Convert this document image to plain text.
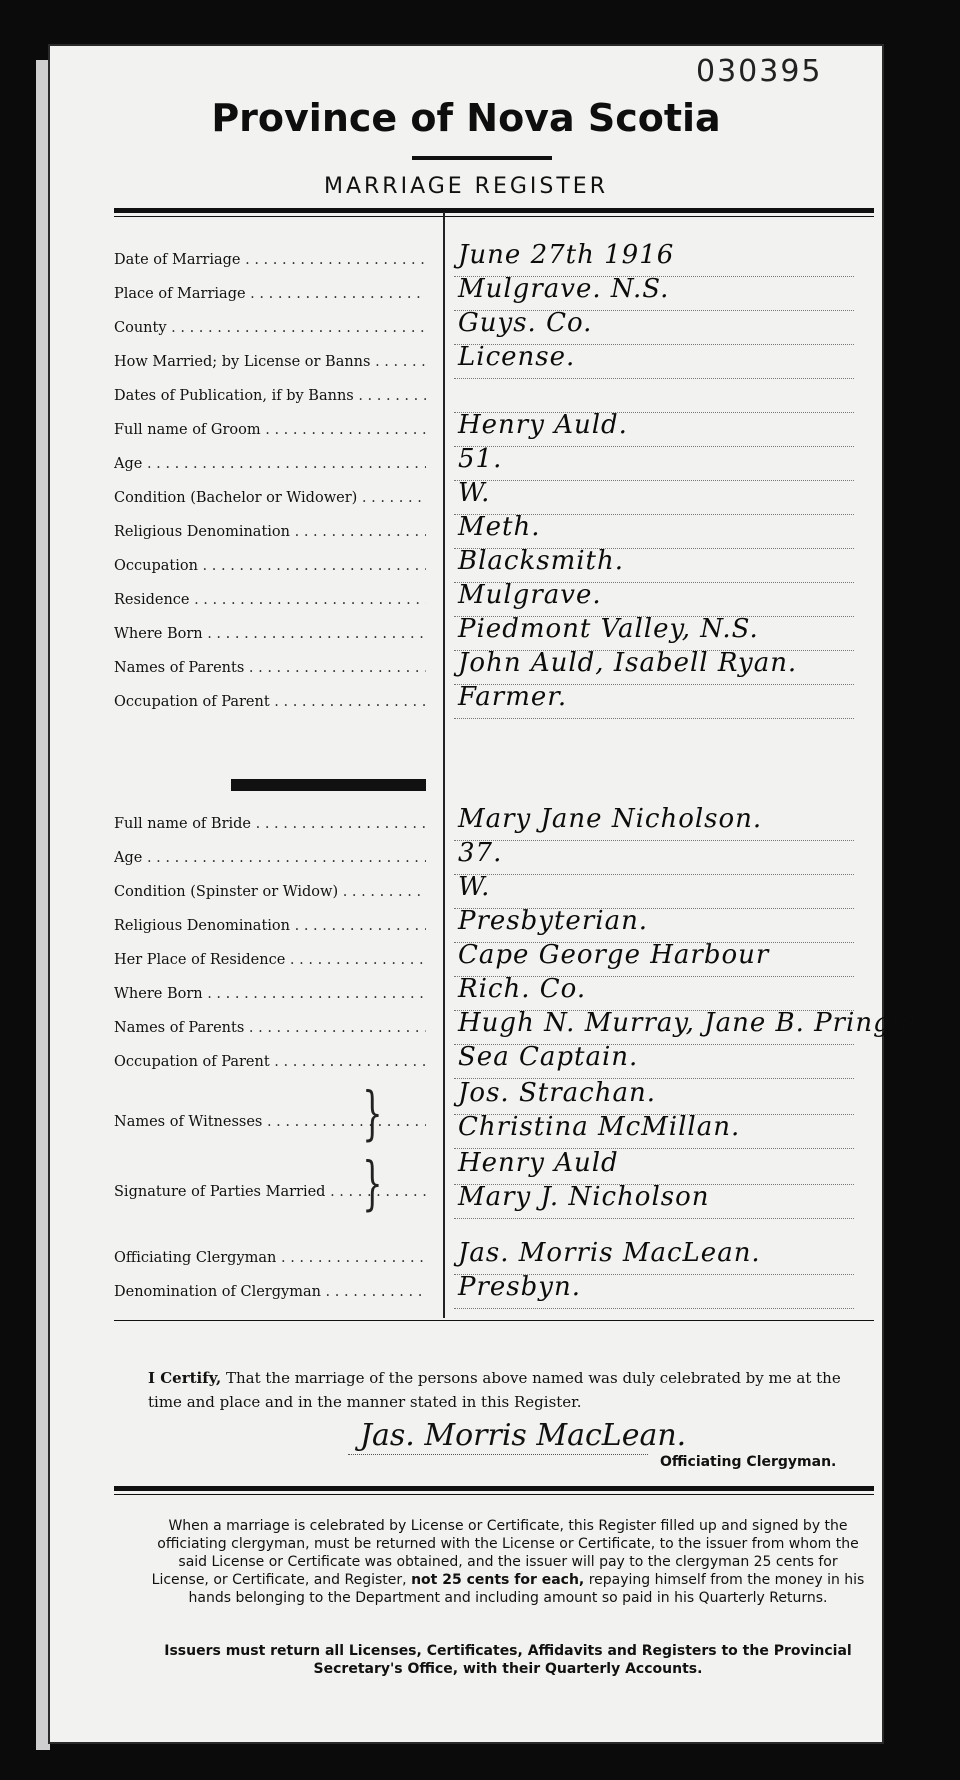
030395
Province of Nova Scotia
MARRIAGE REGISTER
Date of Marriage . . .	June 27th 1916
Place of Marriage . . .	Mulgrave. N.S.
County . . .	Guys. Co.
How Married; by License or Banns . . .	License.
Dates of Publication, if by Banns . . .
Full name of Groom . . .	Henry Auld.
Age . . .	51.
Condition (Bachelor or Widower) . . .	W.
Religious Denomination . . .	Meth.
Occupation . . .	Blacksmith.
Residence . . .	Mulgrave.
Where Born . . .	Piedmont Valley, N.S.
Names of Parents . . .	John Auld, Isabell Ryan.
Occupation of Parent . . .	Farmer.
Full name of Bride . . .	Mary Jane Nicholson.
Age . . .	37.
Condition (Spinster or Widow) . . .	W.
Religious Denomination . . .	Presbyterian.
Her Place of Residence . . .	Cape George Harbour
Where Born . . .	Rich. Co.
Names of Parents . . .	Hugh N. Murray, Jane B. Pringle.
Occupation of Parent . . .	Sea Captain.
Names of Witnesses . . .	}	Jos. Strachan.
Christina McMillan.
Signature of Parties Married . . . }	Henry Auld
Mary J. Nicholson
Officiating Clergyman . . .	Jas. Morris MacLean.
Denomination of Clergyman . . .	Presbyn.
I Certify, That the marriage of the persons above named was duly celebrated by me at the time and place and in the manner stated in this Register.
Jas. Morris MacLean.
Officiating Clergyman.
When a marriage is celebrated by License or Certificate, this Register filled up and signed by the officiating clergyman, must be returned with the License or Certificate, to the issuer from whom the said License or Certificate was obtained, and the issuer will pay to the clergyman 25 cents for License, or Certificate, and Register, not 25 cents for each, repaying himself from the money in his hands belonging to the Department and including amount so paid in his Quarterly Returns.
Issuers must return all Licenses, Certificates, Affidavits and Registers to the Provincial Secretary's Office, with their Quarterly Accounts.
